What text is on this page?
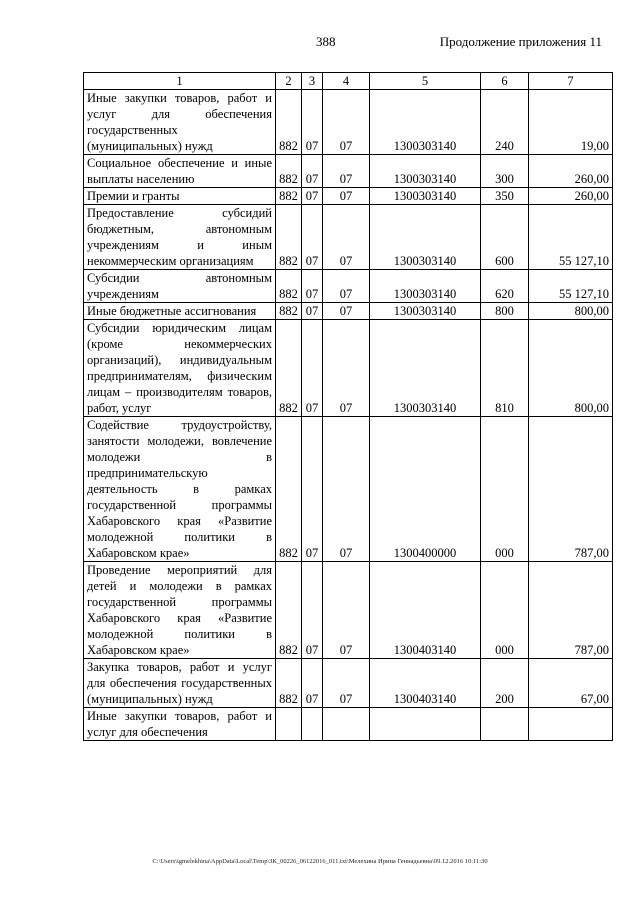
388	Продолжение приложения 11
1	2	3	4	5	6	7
Иные закупки товаров, работ и услуг для обеспечения государственных (муниципальных) нужд	882	07	07	1300303140	240	19,00
Социальное обеспечение и иные выплаты населению	882	07	07	1300303140	300	260,00
Премии и гранты	882	07	07	1300303140	350	260,00
Предоставление субсидий бюджетным, автономным учреждениям и иным некоммерческим организациям	882	07	07	1300303140	600	55 127,10
Субсидии автономным учреждениям	882	07	07	1300303140	620	55 127,10
Иные бюджетные ассигнования	882	07	07	1300303140	800	800,00
Субсидии юридическим лицам (кроме некоммерческих организаций), индивидуальным предпринимателям, физическим лицам – производителям товаров, работ, услуг	882	07	07	1300303140	810	800,00
Содействие трудоустройству, занятости молодежи, вовлечение молодежи в предпринимательскую деятельность в рамках государственной программы Хабаровского края «Развитие молодежной политики в Хабаровском крае»	882	07	07	1300400000	000	787,00
Проведение мероприятий для детей и молодежи в рамках государственной программы Хабаровского края «Развитие молодежной политики в Хабаровском крае»	882	07	07	1300403140	000	787,00
Закупка товаров, работ и услуг для обеспечения государственных (муниципальных) нужд	882	07	07	1300403140	200	67,00
Иные закупки товаров, работ и услуг для обеспечения						
C:\Users\igmelekhina\AppData\Local\Temp\ЗК_00226_06122016_011.txt\Мелехина Ирина Геннадьевна\09.12.2016 10:11:30
